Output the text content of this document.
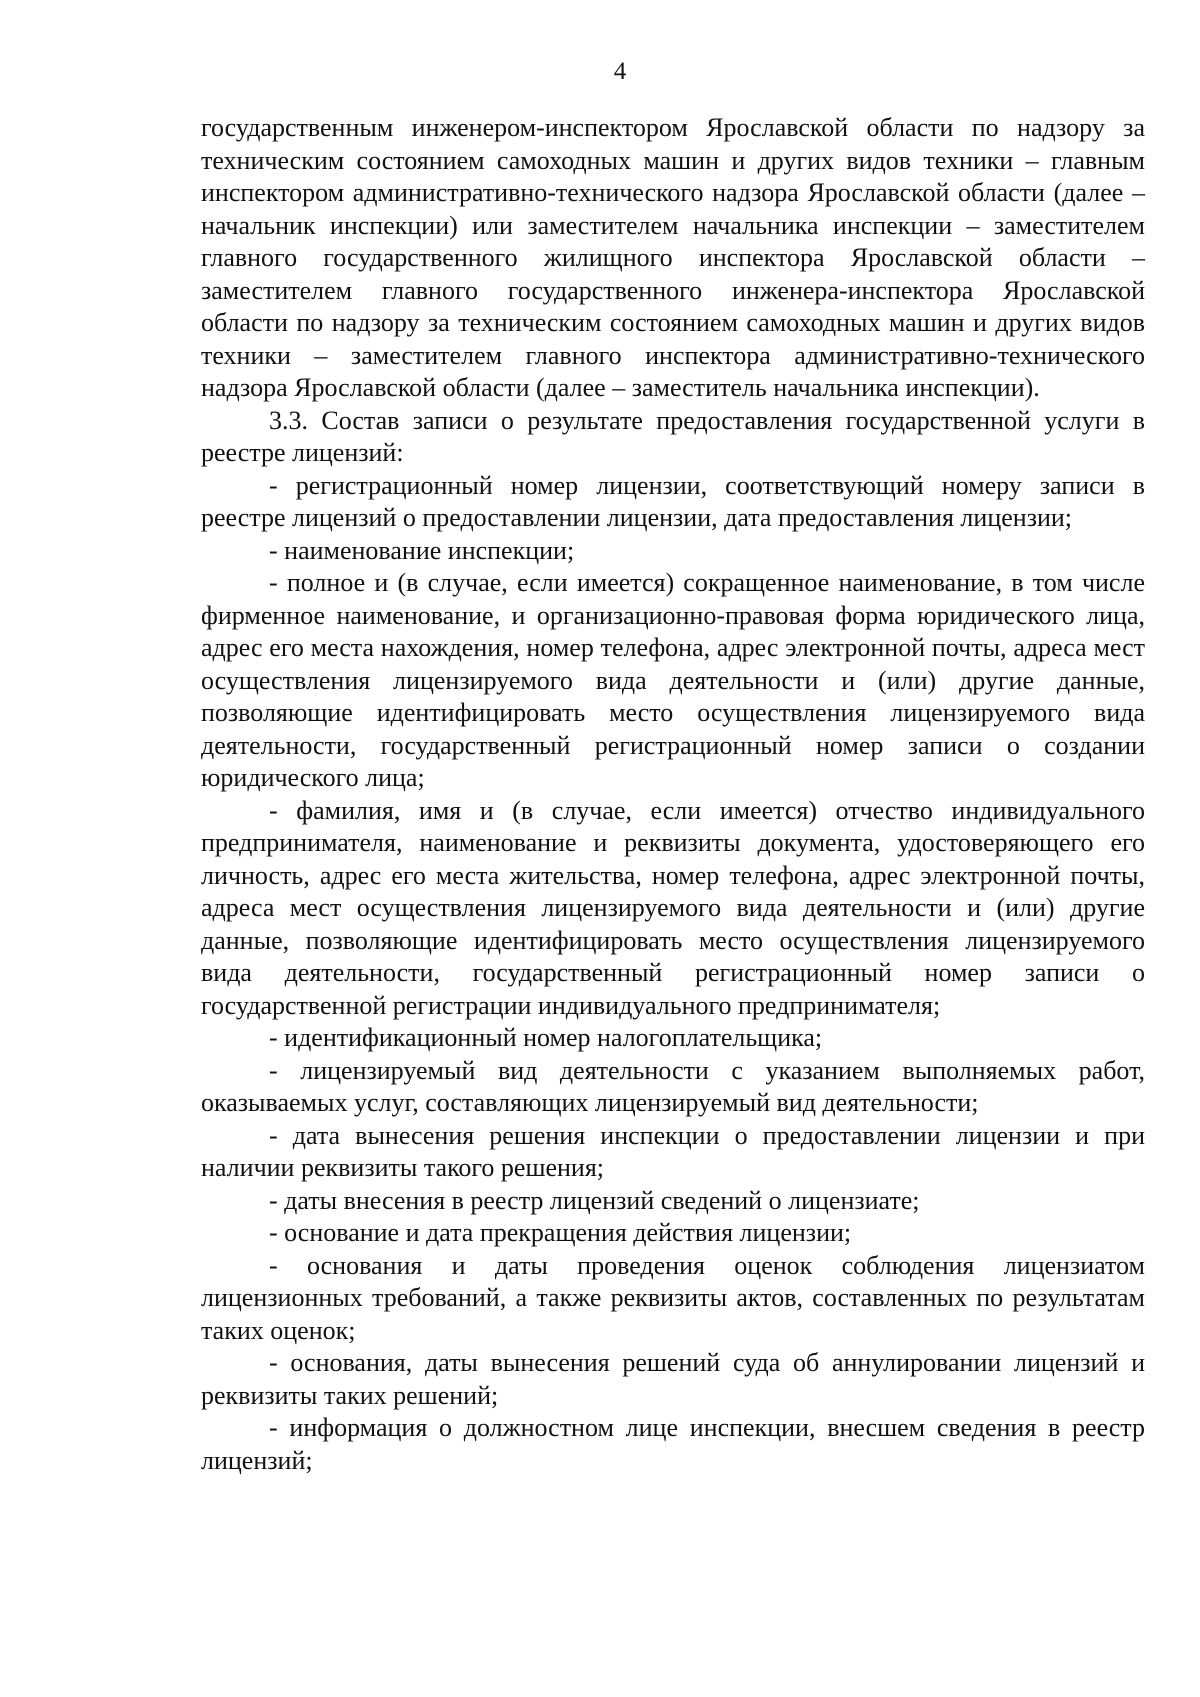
4

государственным инженером-инспектором Ярославской области по надзору за техническим состоянием самоходных машин и других видов техники – главным инспектором административно-технического надзора Ярославской области (далее – начальник инспекции) или заместителем начальника инспекции – заместителем главного государственного жилищного инспектора Ярославской области – заместителем главного государственного инженера-инспектора Ярославской области по надзору за техническим состоянием самоходных машин и других видов техники – заместителем главного инспектора административно-технического надзора Ярославской области (далее – заместитель начальника инспекции).

3.3. Состав записи о результате предоставления государственной услуги в реестре лицензий:

- регистрационный номер лицензии, соответствующий номеру записи в реестре лицензий о предоставлении лицензии, дата предоставления лицензии;

- наименование инспекции;

- полное и (в случае, если имеется) сокращенное наименование, в том числе фирменное наименование, и организационно-правовая форма юридического лица, адрес его места нахождения, номер телефона, адрес электронной почты, адреса мест осуществления лицензируемого вида деятельности и (или) другие данные, позволяющие идентифицировать место осуществления лицензируемого вида деятельности, государственный регистрационный номер записи о создании юридического лица;

- фамилия, имя и (в случае, если имеется) отчество индивидуального предпринимателя, наименование и реквизиты документа, удостоверяющего его личность, адрес его места жительства, номер телефона, адрес электронной почты, адреса мест осуществления лицензируемого вида деятельности и (или) другие данные, позволяющие идентифицировать место осуществления лицензируемого вида деятельности, государственный регистрационный номер записи о государственной регистрации индивидуального предпринимателя;

- идентификационный номер налогоплательщика;

- лицензируемый вид деятельности с указанием выполняемых работ, оказываемых услуг, составляющих лицензируемый вид деятельности;

- дата вынесения решения инспекции о предоставлении лицензии и при наличии реквизиты такого решения;

- даты внесения в реестр лицензий сведений о лицензиате;

- основание и дата прекращения действия лицензии;

- основания и даты проведения оценок соблюдения лицензиатом лицензионных требований, а также реквизиты актов, составленных по результатам таких оценок;

- основания, даты вынесения решений суда об аннулировании лицензий и реквизиты таких решений;

- информация о должностном лице инспекции, внесшем сведения в реестр лицензий;
